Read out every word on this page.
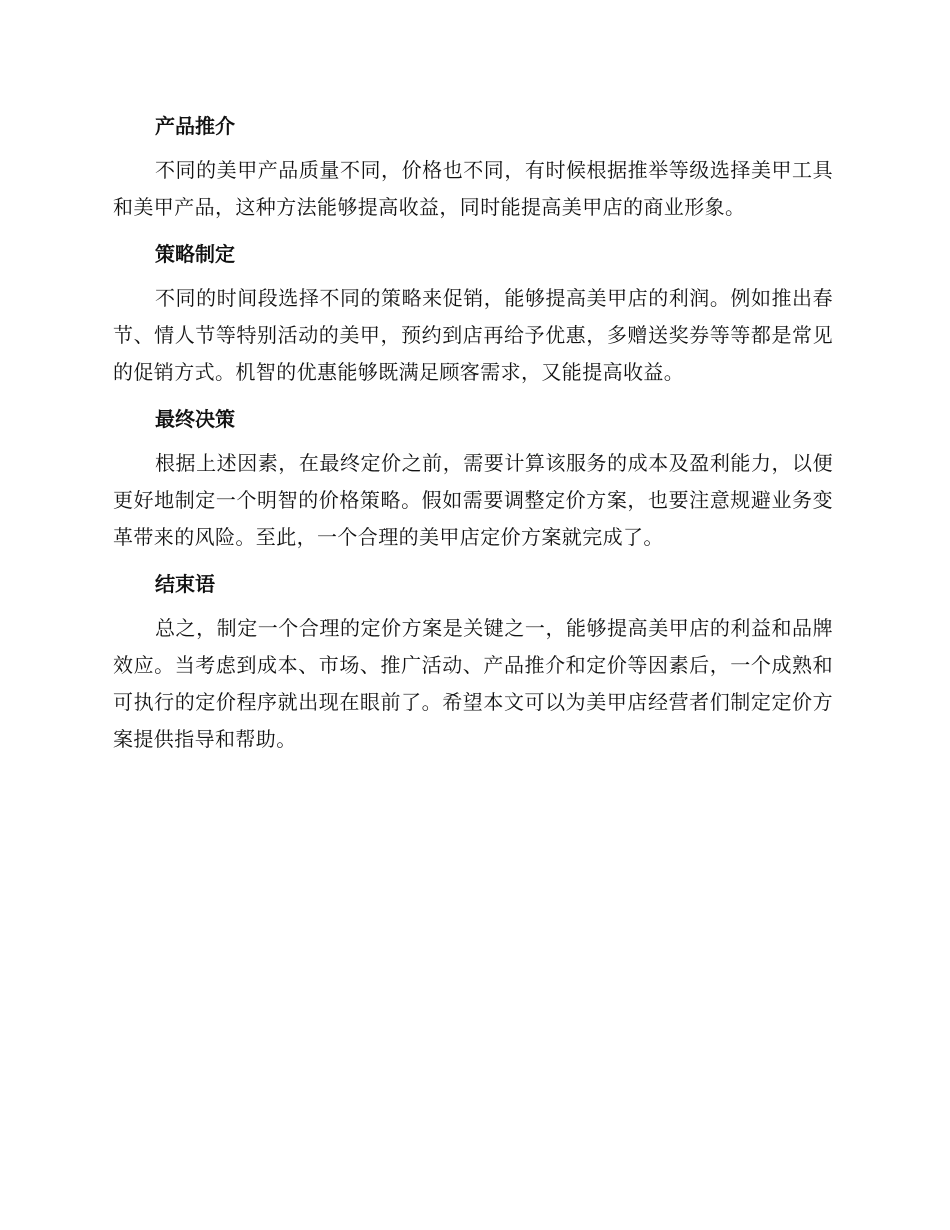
产品推介

不同的美甲产品质量不同，价格也不同，有时候根据推举等级选择美甲工具和美甲产品，这种方法能够提高收益，同时能提高美甲店的商业形象。

策略制定

不同的时间段选择不同的策略来促销，能够提高美甲店的利润。例如推出春节、情人节等特别活动的美甲，预约到店再给予优惠，多赠送奖券等等都是常见的促销方式。机智的优惠能够既满足顾客需求，又能提高收益。

最终决策

根据上述因素，在最终定价之前，需要计算该服务的成本及盈利能力，以便更好地制定一个明智的价格策略。假如需要调整定价方案，也要注意规避业务变革带来的风险。至此，一个合理的美甲店定价方案就完成了。

结束语

总之，制定一个合理的定价方案是关键之一，能够提高美甲店的利益和品牌效应。当考虑到成本、市场、推广活动、产品推介和定价等因素后，一个成熟和可执行的定价程序就出现在眼前了。希望本文可以为美甲店经营者们制定定价方案提供指导和帮助。
